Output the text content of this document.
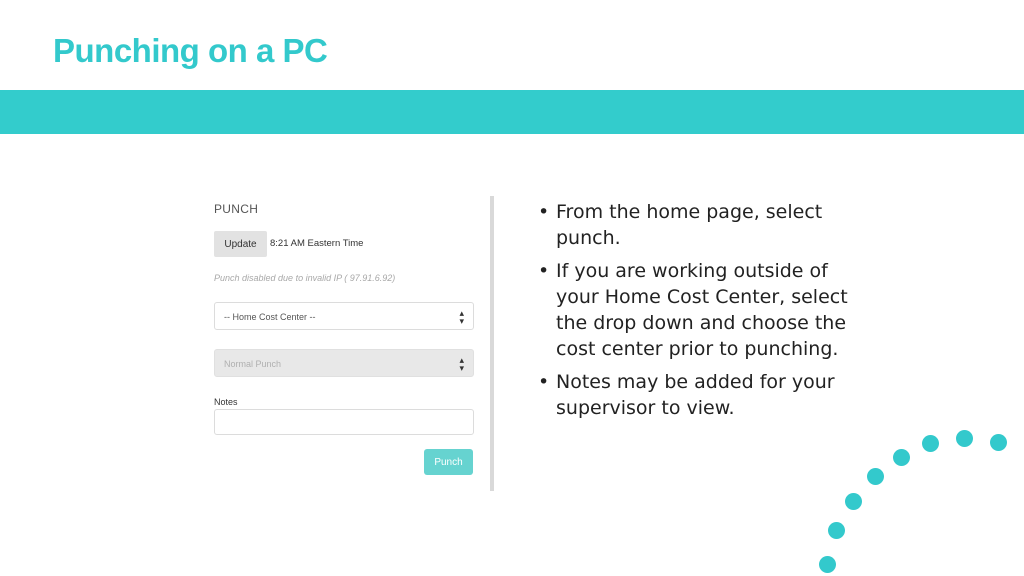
Punching on a PC
PUNCH
Update	8:21 AM Eastern Time
Punch disabled due to invalid IP ( 97.91.6.92)
-- Home Cost Center --	▴
▾
Normal Punch	▴
▾
Notes
Punch
• From the home page, select punch.
• If you are working outside of your Home Cost Center, select the drop down and choose the cost center prior to punching.
• Notes may be added for your supervisor to view.
